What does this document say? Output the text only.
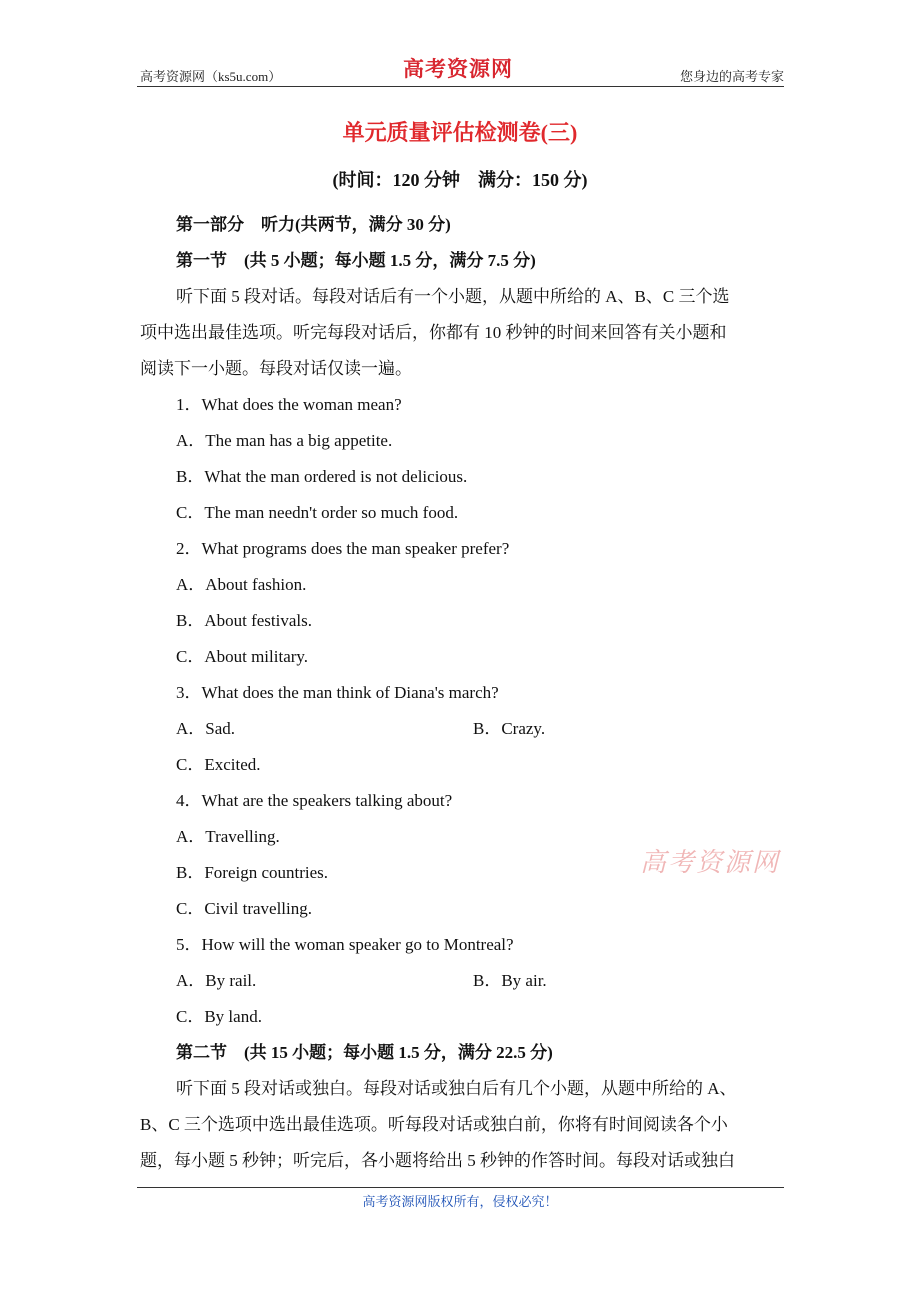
高考资源网（ks5u.com）	高考资源网	您身边的高考专家
单元质量评估检测卷(三)
(时间：120 分钟　满分：150 分)
第一部分　听力(共两节，满分 30 分)
第一节　(共 5 小题；每小题 1.5 分，满分 7.5 分)
听下面 5 段对话。每段对话后有一个小题，从题中所给的 A、B、C 三个选
项中选出最佳选项。听完每段对话后，你都有 10 秒钟的时间来回答有关小题和
阅读下一小题。每段对话仅读一遍。
1．What does the woman mean?
A．The man has a big appetite.
B．What the man ordered is not delicious.
C．The man needn't order so much food.
2．What programs does the man speaker prefer?
A．About fashion.
B．About festivals.
C．About military.
3．What does the man think of Diana's march?
A．Sad.	B．Crazy.
C．Excited.
4．What are the speakers talking about?
A．Travelling.
B．Foreign countries.
C．Civil travelling.
高考资源网
5．How will the woman speaker go to Montreal?
A．By rail.	B．By air.
C．By land.
第二节　(共 15 小题；每小题 1.5 分，满分 22.5 分)
听下面 5 段对话或独白。每段对话或独白后有几个小题，从题中所给的 A、
B、C 三个选项中选出最佳选项。听每段对话或独白前，你将有时间阅读各个小
题，每小题 5 秒钟；听完后，各小题将给出 5 秒钟的作答时间。每段对话或独白
高考资源网版权所有，侵权必究！
